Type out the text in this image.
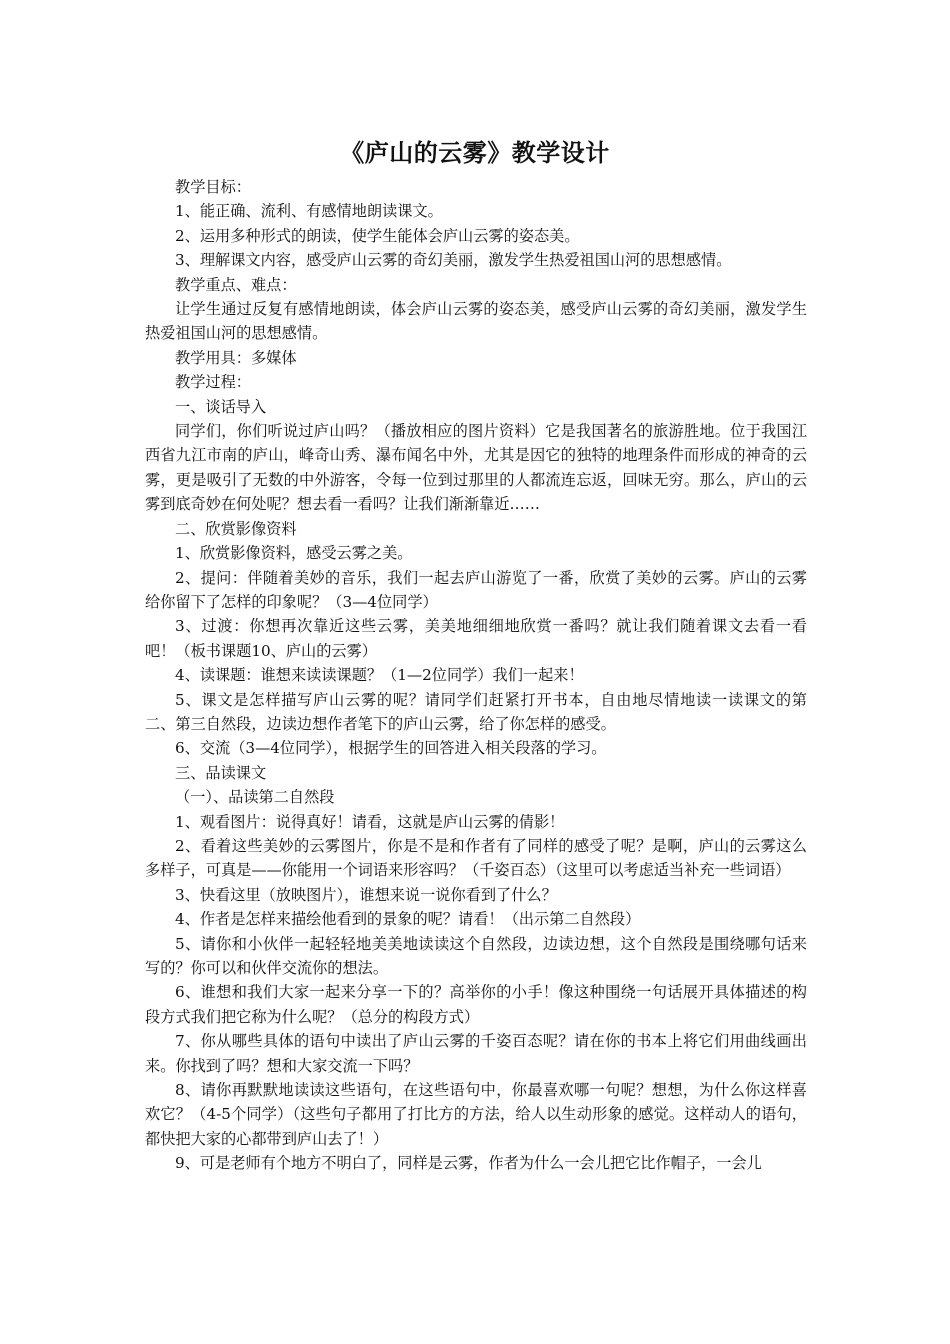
《庐山的云雾》教学设计

教学目标：

1、能正确、流利、有感情地朗读课文。

2、运用多种形式的朗读，使学生能体会庐山云雾的姿态美。

3、理解课文内容，感受庐山云雾的奇幻美丽，激发学生热爱祖国山河的思想感情。

教学重点、难点：

让学生通过反复有感情地朗读，体会庐山云雾的姿态美，感受庐山云雾的奇幻美丽，激发学生热爱祖国山河的思想感情。

教学用具：多媒体

教学过程：

一、谈话导入

同学们，你们听说过庐山吗？（播放相应的图片资料）它是我国著名的旅游胜地。位于我国江西省九江市南的庐山，峰奇山秀、瀑布闻名中外，尤其是因它的独特的地理条件而形成的神奇的云雾，更是吸引了无数的中外游客，令每一位到过那里的人都流连忘返，回味无穷。那么，庐山的云雾到底奇妙在何处呢？想去看一看吗？让我们渐渐靠近……

二、欣赏影像资料

1、欣赏影像资料，感受云雾之美。

2、提问：伴随着美妙的音乐，我们一起去庐山游览了一番，欣赏了美妙的云雾。庐山的云雾给你留下了怎样的印象呢？（3—4位同学）

3、过渡：你想再次靠近这些云雾，美美地细细地欣赏一番吗？就让我们随着课文去看一看吧！（板书课题10、庐山的云雾）

4、读课题：谁想来读读课题？（1—2位同学）我们一起来！

5、课文是怎样描写庐山云雾的呢？请同学们赶紧打开书本，自由地尽情地读一读课文的第二、第三自然段，边读边想作者笔下的庐山云雾，给了你怎样的感受。

6、交流（3—4位同学），根据学生的回答进入相关段落的学习。

三、品读课文

（一）、品读第二自然段

1、观看图片：说得真好！请看，这就是庐山云雾的倩影！

2、看着这些美妙的云雾图片，你是不是和作者有了同样的感受了呢？是啊，庐山的云雾这么多样子，可真是——你能用一个词语来形容吗？（千姿百态）（这里可以考虑适当补充一些词语）

3、快看这里（放映图片），谁想来说一说你看到了什么？

4、作者是怎样来描绘他看到的景象的呢？请看！（出示第二自然段）

5、请你和小伙伴一起轻轻地美美地读读这个自然段，边读边想，这个自然段是围绕哪句话来写的？你可以和伙伴交流你的想法。

6、谁想和我们大家一起来分享一下的？高举你的小手！像这种围绕一句话展开具体描述的构段方式我们把它称为什么呢？（总分的构段方式）

7、你从哪些具体的语句中读出了庐山云雾的千姿百态呢？请在你的书本上将它们用曲线画出来。你找到了吗？想和大家交流一下吗？

8、请你再默默地读读这些语句，在这些语句中，你最喜欢哪一句呢？想想，为什么你这样喜欢它？（4-5个同学）（这些句子都用了打比方的方法，给人以生动形象的感觉。这样动人的语句，都快把大家的心都带到庐山去了！）

9、可是老师有个地方不明白了，同样是云雾，作者为什么一会儿把它比作帽子，一会儿
